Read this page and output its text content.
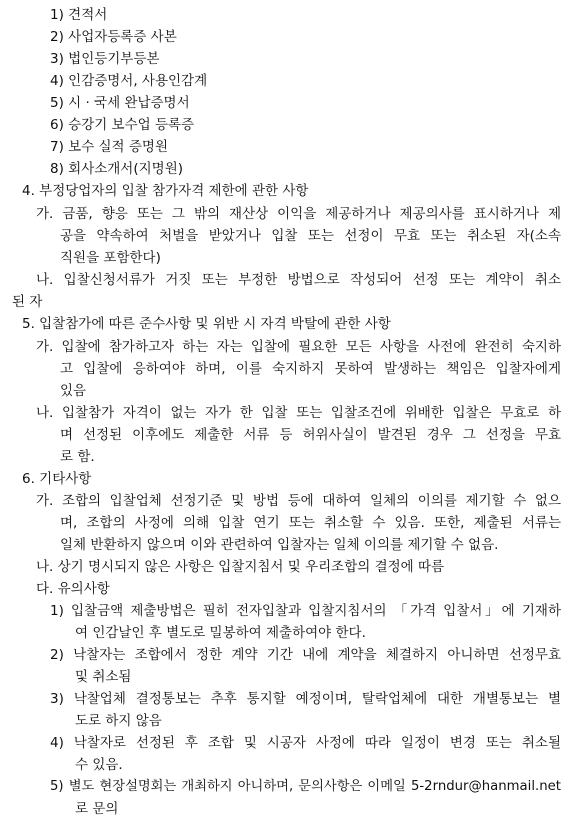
1) 견적서
2) 사업자등록증 사본
3) 법인등기부등본
4) 인감증명서, 사용인감계
5) 시 · 국세 완납증명서
6) 승강기 보수업 등록증
7) 보수 실적 증명원
8) 회사소개서(지명원)
4. 부정당업자의 입찰 참가자격 제한에 관한 사항
가. 금품, 향응 또는 그 밖의 재산상 이익을 제공하거나 제공의사를 표시하거나 제
공을 약속하여 처벌을 받았거나 입찰 또는 선정이 무효 또는 취소된 자(소속
직원을 포함한다)
나. 입찰신청서류가 거짓 또는 부정한 방법으로 작성되어 선정 또는 계약이 취소
된 자
5. 입찰참가에 따른 준수사항 및 위반 시 자격 박탈에 관한 사항
가. 입찰에 참가하고자 하는 자는 입찰에 필요한 모든 사항을 사전에 완전히 숙지하
고 입찰에 응하여야 하며, 이를 숙지하지 못하여 발생하는 책임은 입찰자에게
있음
나. 입찰참가 자격이 없는 자가 한 입찰 또는 입찰조건에 위배한 입찰은 무효로 하
며 선정된 이후에도 제출한 서류 등 허위사실이 발견된 경우 그 선정을 무효
로 함.
6. 기타사항
가. 조합의 입찰업체 선정기준 및 방법 등에 대하여 일체의 이의를 제기할 수 없으
며, 조합의 사정에 의해 입찰 연기 또는 취소할 수 있음. 또한, 제출된 서류는
일체 반환하지 않으며 이와 관련하여 입찰자는 일체 이의를 제기할 수 없음.
나. 상기 명시되지 않은 사항은 입찰지침서 및 우리조합의 결정에 따름
다. 유의사항
1) 입찰금액 제출방법은 필히 전자입찰과 입찰지침서의 「가격 입찰서」에 기재하
여 인감날인 후 별도로 밀봉하여 제출하여야 한다.
2) 낙찰자는 조합에서 정한 계약 기간 내에 계약을 체결하지 아니하면 선정무효
및 취소됨
3) 낙찰업체 결정통보는 추후 통지할 예정이며, 탈락업체에 대한 개별통보는 별
도로 하지 않음
4) 낙찰자로 선정된 후 조합 및 시공자 사정에 따라 일정이 변경 또는 취소될
수 있음.
5) 별도 현장설명회는 개최하지 아니하며, 문의사항은 이메일 5-2rndur@hanmail.net
로 문의
